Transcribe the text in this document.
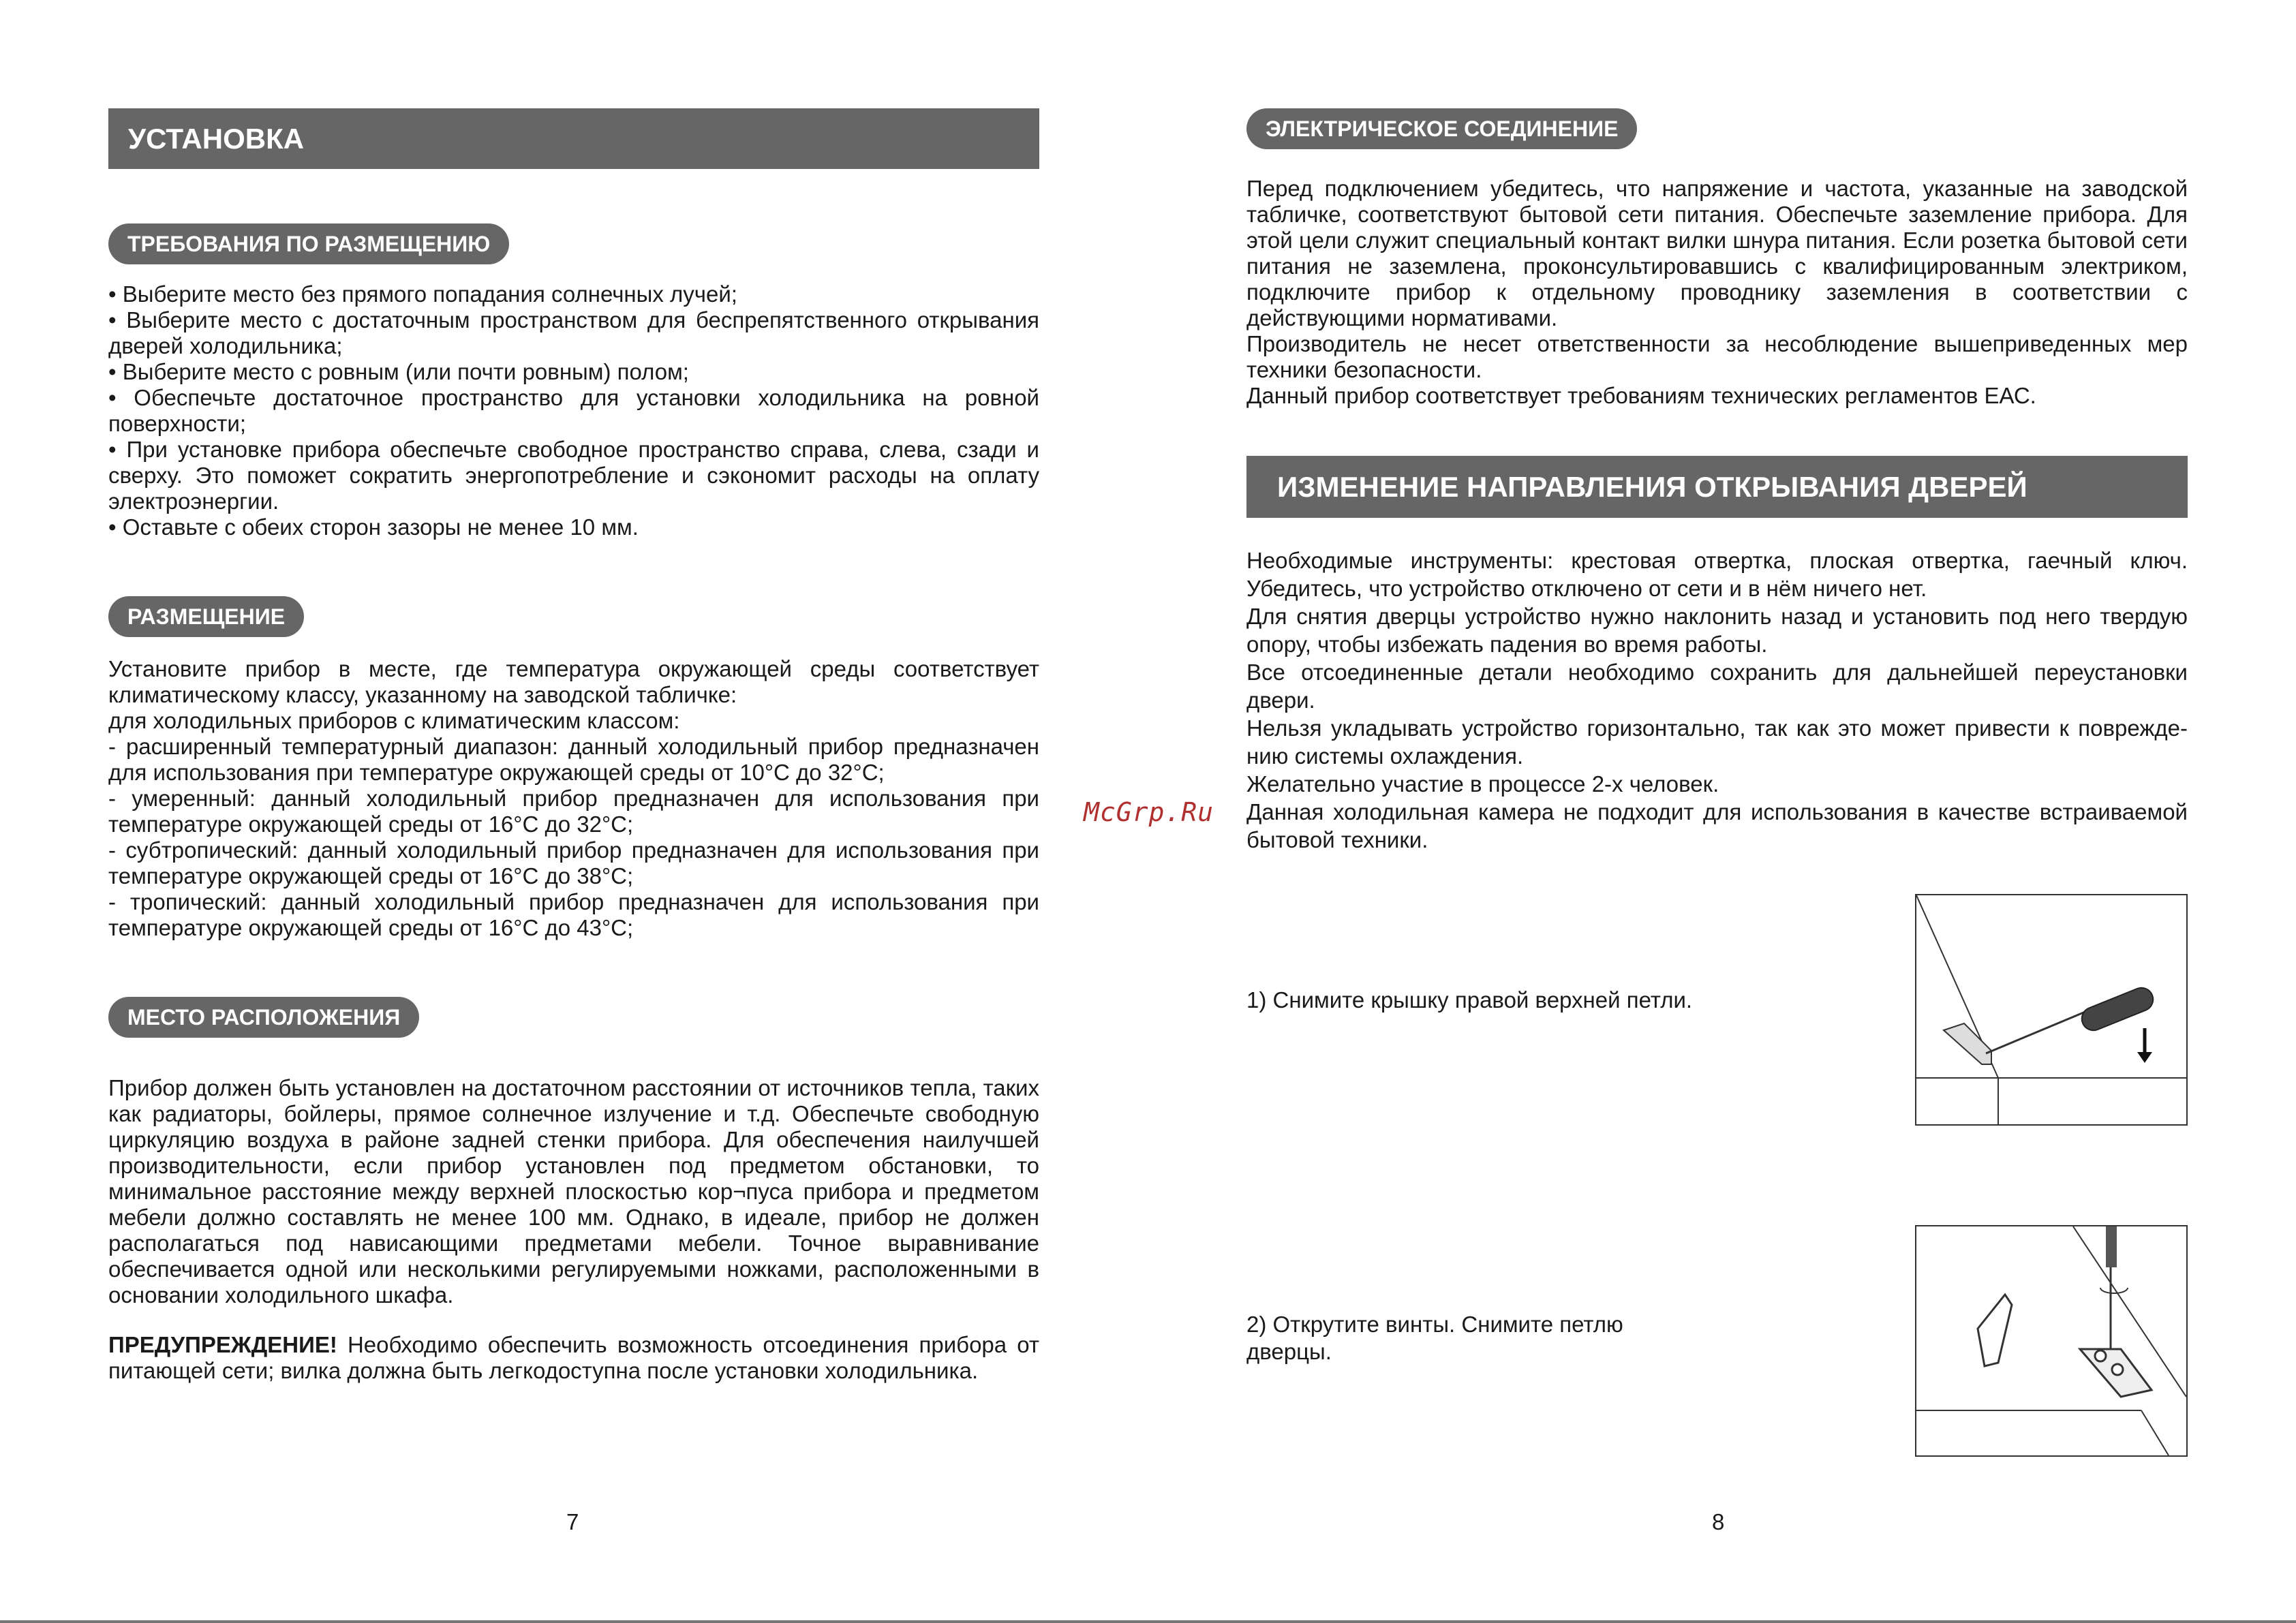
УСТАНОВКА
ТРЕБОВАНИЯ ПО РАЗМЕЩЕНИЮ

• Выберите место без прямого попадания солнечных лучей;

• Выберите место с достаточным пространством для беспрепятственного открывания

дверей холодильника;

• Выберите место с ровным (или почти ровным) полом;

• Обеспечьте достаточное пространство для установки холодильника на ровной

поверхности;

• При установке прибора обеспечьте свободное пространство справа, слева, сзади и

сверху. Это поможет сократить энергопотребление и сэкономит расходы на оплату

электроэнергии.

• Оставьте с обеих сторон зазоры не менее 10 мм.

РАЗМЕЩЕНИЕ

Установите прибор в месте, где температура окружающей среды соответствует

климатическому классу, указанному на заводской табличке:

для холодильных приборов с климатическим классом:

- расширенный температурный диапазон: данный холодильный прибор предназначен

для использования при температуре окружающей среды от 10°C до 32°C;

- умеренный: данный холодильный прибор предназначен для использования при

температуре окружающей среды от 16°C до 32°C;

- субтропический: данный холодильный прибор предназначен для использования при

температуре окружающей среды от 16°C до 38°C;

- тропический: данный холодильный прибор предназначен для использования при

температуре окружающей среды от 16°C до 43°C;

МЕСТО РАСПОЛОЖЕНИЯ
Прибор должен быть установлен на достаточном расстоянии от источников тепла, таких как радиаторы, бойлеры, прямое солнечное излучение и т.д. Обеспечьте свободную циркуляцию воздуха в районе задней стенки прибора. Для обеспечения наилучшей производительности, если прибор установлен под предметом обстановки, то минимальное расстояние между верхней плоскостью кор¬пуса прибора и предметом мебели должно составлять не менее 100 мм. Однако, в идеале, прибор не должен располагаться под нависающими предметами мебели. Точное выравнивание обеспечивается одной или несколькими регулируемыми ножками, расположенными в основании холодильного шкафа.
ПРЕДУПРЕЖДЕНИЕ! Необходимо обеспечить возможность отсоединения прибора от питающей сети; вилка должна быть легкодоступна после установки холодильника.
7
McGrp.Ru
ЭЛЕКТРИЧЕСКОЕ СОЕДИНЕНИЕ
Перед подключением убедитесь, что напряжение и частота, указанные на заводской табличке, соответствуют бытовой сети питания. Обеспечьте заземление прибора. Для этой цели служит специальный контакт вилки шнура питания. Если розетка бытовой сети питания не заземлена, проконсультировавшись с квалифицированным электриком, подключите прибор к отдельному проводнику заземления в соответствии с действующими нормативами.
Производитель не несет ответственности за несоблюдение вышеприведенных мер техники безопасности.
Данный прибор соответствует требованиям технических регламентов ЕАС.
ИЗМЕНЕНИЕ НАПРАВЛЕНИЯ ОТКРЫВАНИЯ ДВЕРЕЙ

Необходимые инструменты: крестовая отвертка, плоская отвертка, гаечный ключ.

Убедитесь, что устройство отключено от сети и в нём ничего нет.

Для снятия дверцы устройство нужно наклонить назад и установить под него твердую

опору, чтобы избежать падения во время работы.

Все отсоединенные детали необходимо сохранить для дальнейшей переустановки

двери.

Нельзя укладывать устройство горизонтально, так как это может привести к поврежде-

нию системы охлаждения.

Желательно участие в процессе 2-х человек.

Данная холодильная камера не подходит для использования в качестве встраиваемой

бытовой техники.

1) Снимите крышку правой верхней петли.
2) Открутите винты. Снимите петлю
дверцы.
8
